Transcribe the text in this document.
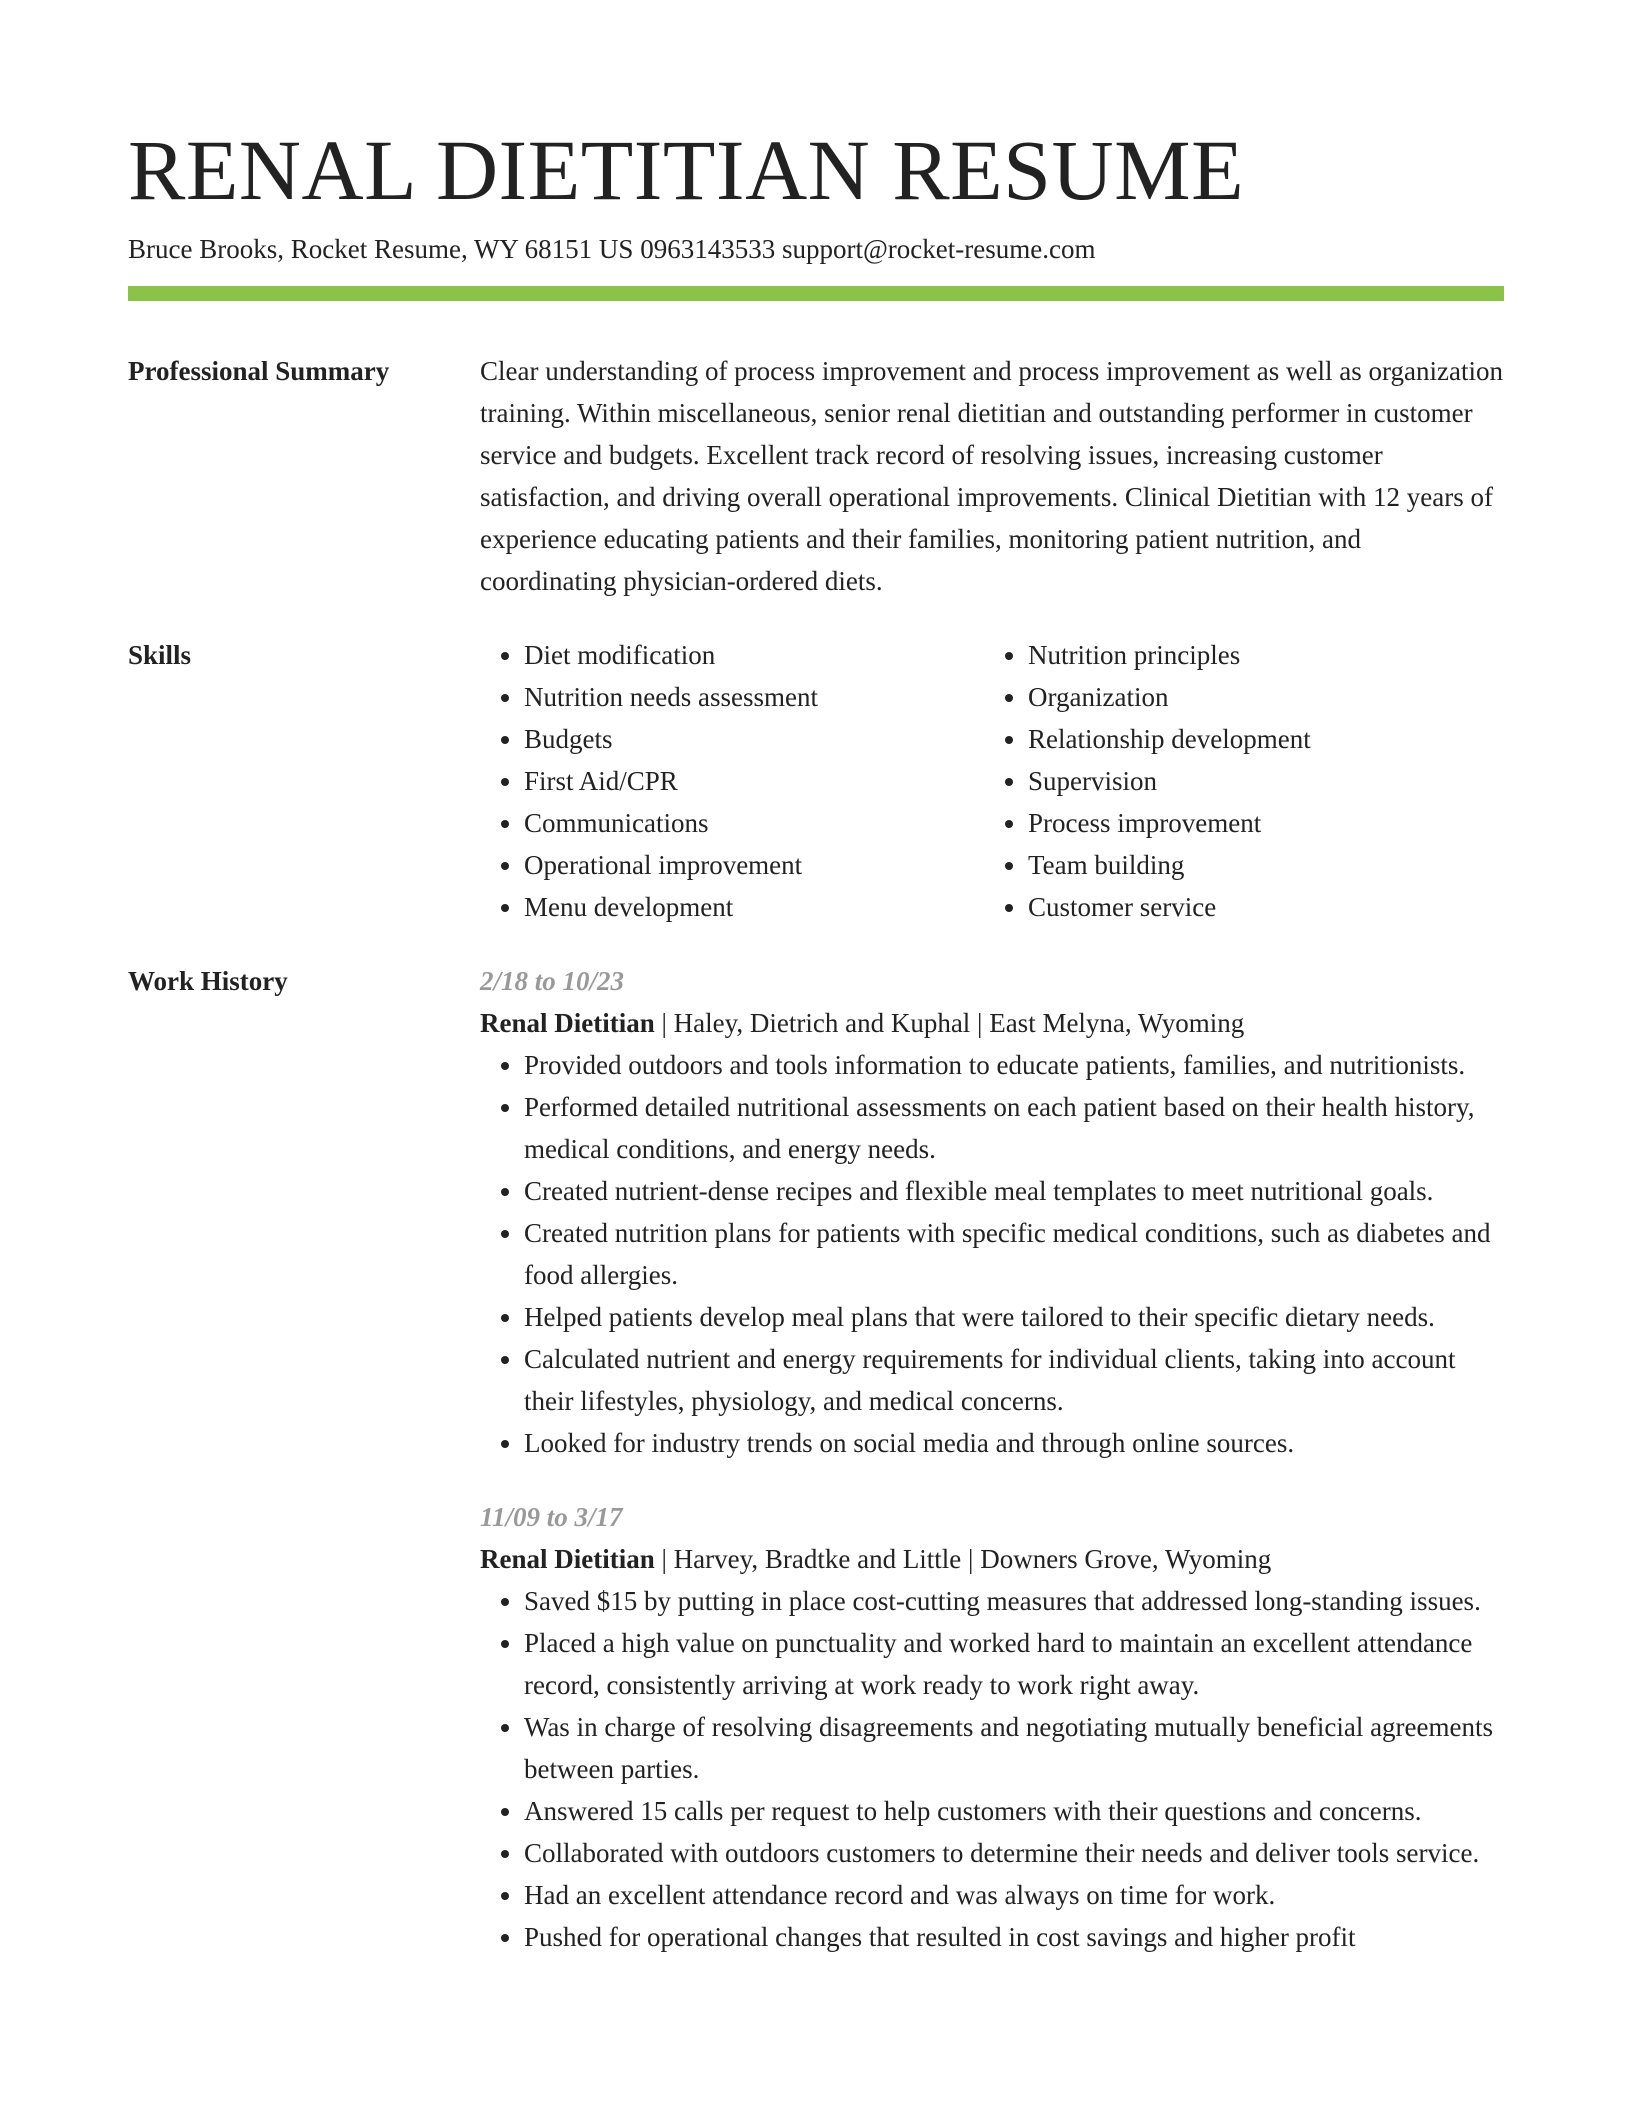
RENAL DIETITIAN RESUME
Bruce Brooks, Rocket Resume, WY 68151 US 0963143533 support@rocket-resume.com
Professional Summary	Clear understanding of process improvement and process improvement as well as organization training. Within miscellaneous, senior renal dietitian and outstanding performer in customer service and budgets. Excellent track record of resolving issues, increasing customer satisfaction, and driving overall operational improvements. Clinical Dietitian with 12 years of experience educating patients and their families, monitoring patient nutrition, and coordinating physician-ordered diets.

Skills
•	Diet modification
• Nutrition needs assessment
• Budgets
• First Aid/CPR
• Communications
• Operational improvement
• Menu development
• Nutrition principles
• Organization
• Relationship development
• Supervision
• Process improvement
• Team building
• Customer service
Work History	2/18 to 10/23
Renal Dietitian | Haley, Dietrich and Kuphal | East Melyna, Wyoming
• Provided outdoors and tools information to educate patients, families, and nutritionists.
• Performed detailed nutritional assessments on each patient based on their health history, medical conditions, and energy needs.
• Created nutrient-dense recipes and flexible meal templates to meet nutritional goals.
• Created nutrition plans for patients with specific medical conditions, such as diabetes and food allergies.
• Helped patients develop meal plans that were tailored to their specific dietary needs.
• Calculated nutrient and energy requirements for individual clients, taking into account their lifestyles, physiology, and medical concerns.
• Looked for industry trends on social media and through online sources.
11/09 to 3/17
Renal Dietitian | Harvey, Bradtke and Little | Downers Grove, Wyoming
• Saved $15 by putting in place cost-cutting measures that addressed long-standing issues.
• Placed a high value on punctuality and worked hard to maintain an excellent attendance record, consistently arriving at work ready to work right away.
• Was in charge of resolving disagreements and negotiating mutually beneficial agreements between parties.
• Answered 15 calls per request to help customers with their questions and concerns.
• Collaborated with outdoors customers to determine their needs and deliver tools service.
• Had an excellent attendance record and was always on time for work.
• Pushed for operational changes that resulted in cost savings and higher profit
